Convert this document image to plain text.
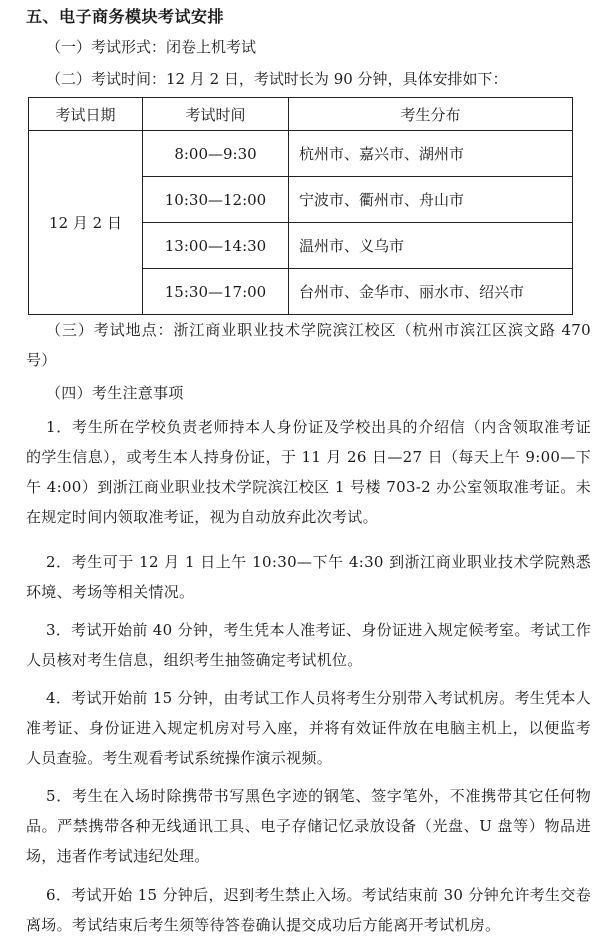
五、电子商务模块考试安排
（一）考试形式：闭卷上机考试
（二）考试时间：12 月 2 日，考试时长为 90 分钟，具体安排如下：
考试日期	考试时间	考生分布
12 月 2 日	8:00—9:30	杭州市、嘉兴市、湖州市
	10:30—12:00	宁波市、衢州市、舟山市
	13:00—14:30	温州市、义乌市
	15:30—17:00	台州市、金华市、丽水市、绍兴市
（三）考试地点：浙江商业职业技术学院滨江校区（杭州市滨江区滨文路 470 号）
（四）考生注意事项
1．考生所在学校负责老师持本人身份证及学校出具的介绍信（内含领取准考证的学生信息），或考生本人持身份证，于 11 月 26 日—27 日（每天上午 9:00—下午 4:00）到浙江商业职业技术学院滨江校区 1 号楼 703-2 办公室领取准考证。未在规定时间内领取准考证，视为自动放弃此次考试。
2．考生可于 12 月 1 日上午 10:30—下午 4:30 到浙江商业职业技术学院熟悉环境、考场等相关情况。
3．考试开始前 40 分钟，考生凭本人准考证、身份证进入规定候考室。考试工作人员核对考生信息，组织考生抽签确定考试机位。
4．考试开始前 15 分钟，由考试工作人员将考生分别带入考试机房。考生凭本人准考证、身份证进入规定机房对号入座，并将有效证件放在电脑主机上，以便监考人员查验。考生观看考试系统操作演示视频。
5．考生在入场时除携带书写黑色字迹的钢笔、签字笔外，不准携带其它任何物品。严禁携带各种无线通讯工具、电子存储记忆录放设备（光盘、U 盘等）物品进场，违者作考试违纪处理。
6．考试开始 15 分钟后，迟到考生禁止入场。考试结束前 30 分钟允许考生交卷离场。考试结束后考生须等待答卷确认提交成功后方能离开考试机房。
